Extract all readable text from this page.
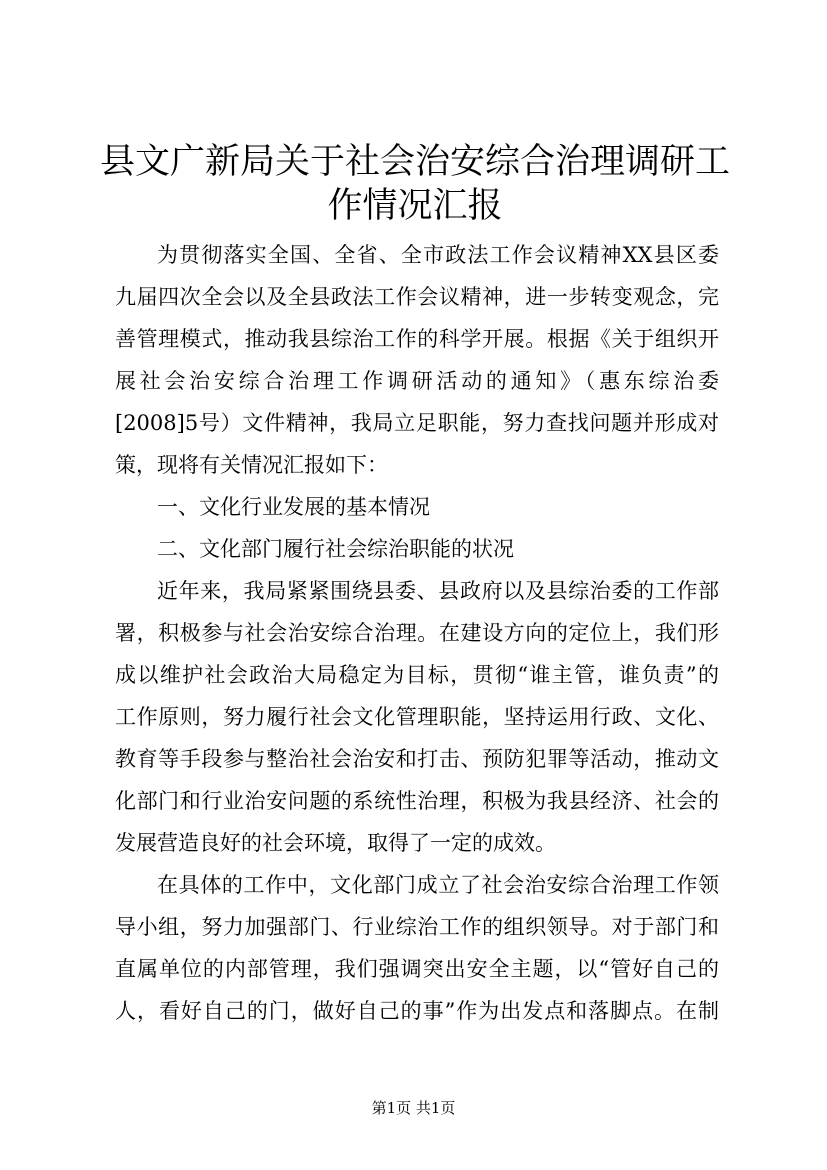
县文广新局关于社会治安综合治理调研工作情况汇报
为贯彻落实全国、全省、全市政法工作会议精神XX县区委
九届四次全会以及全县政法工作会议精神，进一步转变观念，完
善管理模式，推动我县综治工作的科学开展。根据《关于组织开
展社会治安综合治理工作调研活动的通知》（惠东综治委
[2008]5号）文件精神，我局立足职能，努力查找问题并形成对
策，现将有关情况汇报如下：
一、文化行业发展的基本情况
二、文化部门履行社会综治职能的状况
近年来，我局紧紧围绕县委、县政府以及县综治委的工作部
署，积极参与社会治安综合治理。在建设方向的定位上，我们形
成以维护社会政治大局稳定为目标，贯彻“谁主管，谁负责”的
工作原则，努力履行社会文化管理职能，坚持运用行政、文化、
教育等手段参与整治社会治安和打击、预防犯罪等活动，推动文
化部门和行业治安问题的系统性治理，积极为我县经济、社会的
发展营造良好的社会环境，取得了一定的成效。
在具体的工作中，文化部门成立了社会治安综合治理工作领
导小组，努力加强部门、行业综治工作的组织领导。对于部门和
直属单位的内部管理，我们强调突出安全主题，以“管好自己的
人，看好自己的门，做好自己的事”作为出发点和落脚点。在制
第1页 共1页
